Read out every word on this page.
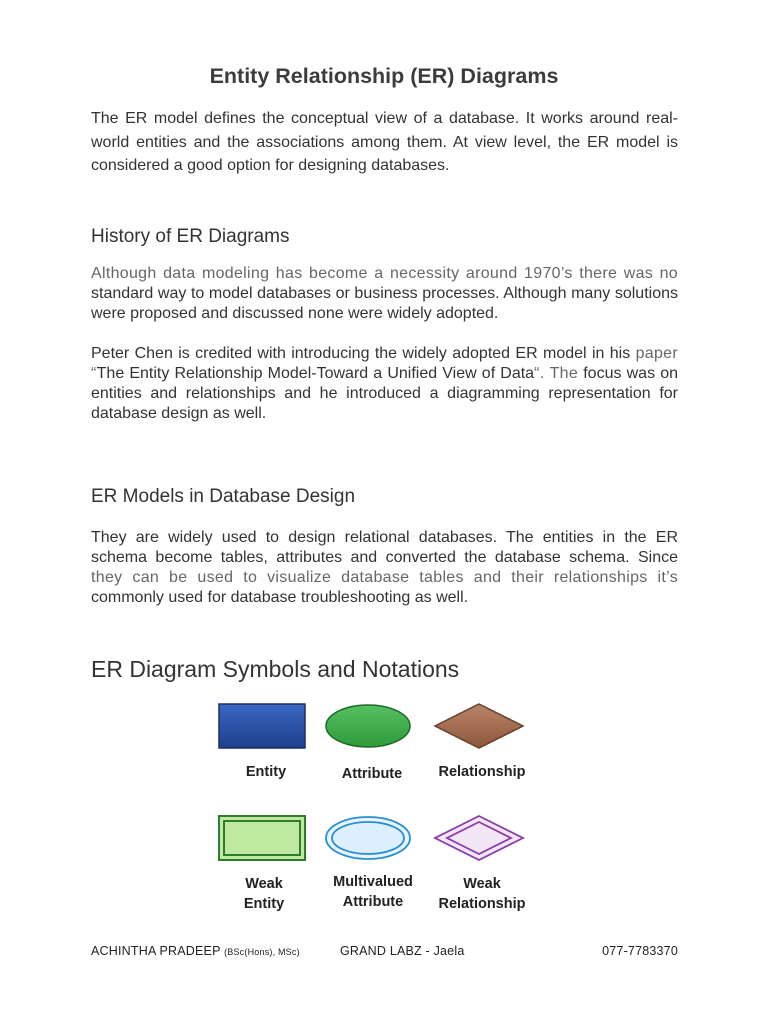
Entity Relationship (ER) Diagrams

The ER model defines the conceptual view of a database. It works around real-world entities and the associations among them. At view level, the ER model is considered a good option for designing databases.

History of ER Diagrams

Although data modeling has become a necessity around 1970’s there was no standard way to model databases or business processes. Although many solutions were proposed and discussed none were widely adopted.

Peter Chen is credited with introducing the widely adopted ER model in his paper “The Entity Relationship Model-Toward a Unified View of Data“. The focus was on entities and relationships and he introduced a diagramming representation for database design as well.

ER Models in Database Design

They are widely used to design relational databases. The entities in the ER schema become tables, attributes and converted the database schema. Since they can be used to visualize database tables and their relationships it’s commonly used for database troubleshooting as well.

ER Diagram Symbols and Notations
Entity	Attribute	Relationship
Weak
Entity
Multivalued
Attribute
Weak
Relationship
ACHINTHA PRADEEP (BSc(Hons), MSc)	GRAND LABZ - Jaela	077-7783370
